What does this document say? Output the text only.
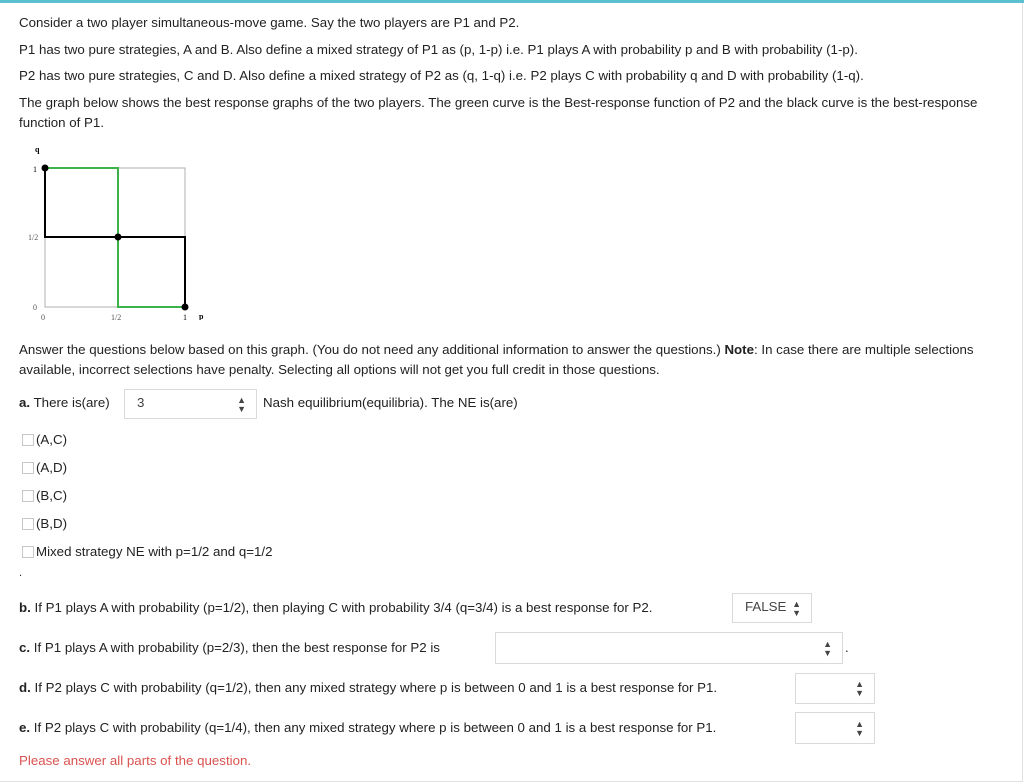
Consider a two player simultaneous-move game. Say the two players are P1 and P2.

P1 has two pure strategies, A and B. Also define a mixed strategy of P1 as (p, 1-p) i.e. P1 plays A with probability p and B with probability (1-p).

P2 has two pure strategies, C and D. Also define a mixed strategy of P2 as (q, 1-q) i.e. P2 plays C with probability q and D with probability (1-q).

The graph below shows the best response graphs of the two players. The green curve is the Best-response function of P2 and the black curve is the best-response function of P1.

q
1
1/2
0
0	1/2	1 p

Answer the questions below based on this graph. (You do not need any additional information to answer the questions.) Note: In case there are multiple selections available, incorrect selections have penalty. Selecting all options will not get you full credit in those questions.

a. There is(are) 3	▲
▼ Nash equilibrium(equilibria). The NE is(are)
(A,C)
(A,D)
(B,C)
(B,D)
Mixed strategy NE with p=1/2 and q=1/2
.
b. If P1 plays A with probability (p=1/2), then playing C with probability 3/4 (q=3/4) is a best response for P2.	FALSE ▲
▼
c. If P1 plays A with probability (p=2/3), then the best response for P2 is	▲
▼ .
d. If P2 plays C with probability (q=1/2), then any mixed strategy where p is between 0 and 1 is a best response for P1.	▲
▼
e. If P2 plays C with probability (q=1/4), then any mixed strategy where p is between 0 and 1 is a best response for P1.	▲
▼
Please answer all parts of the question.
